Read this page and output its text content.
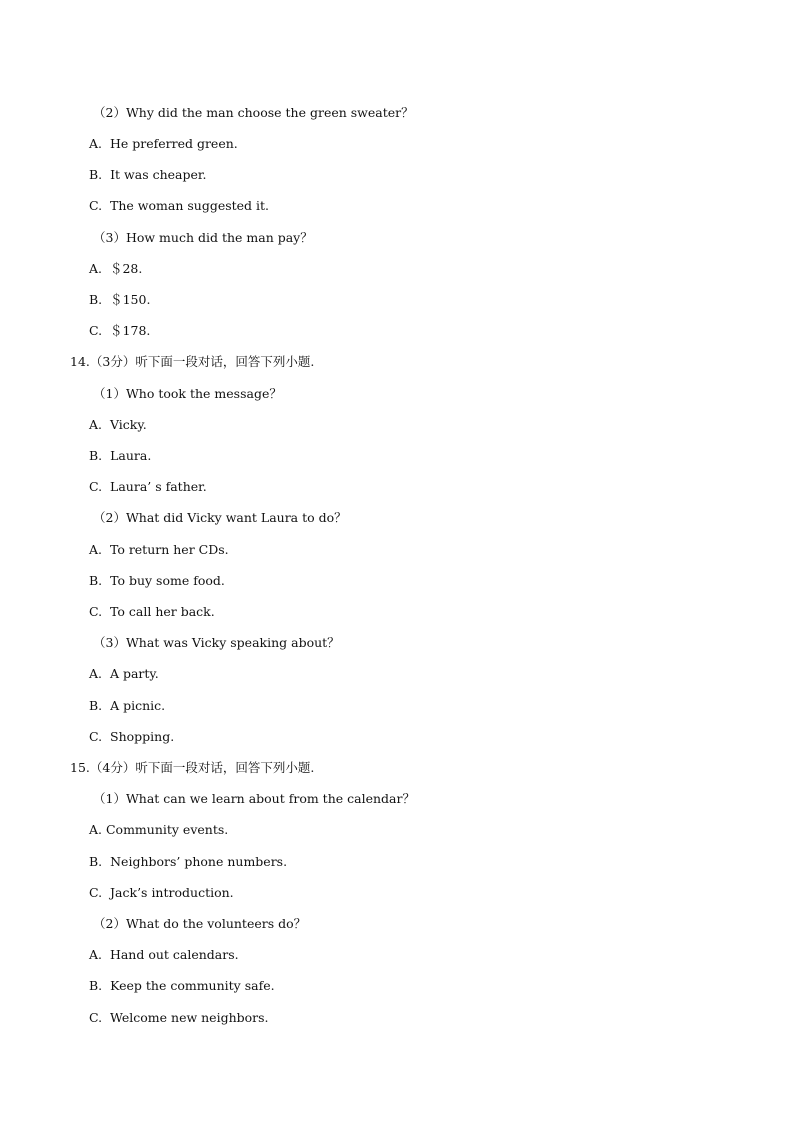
（2）Why did the man choose the green sweater？
A.  He preferred green.
B.  It was cheaper.
C.  The woman suggested it.
（3）How much did the man pay？
A.  ＄28.
B.  ＄150.
C.  ＄178.
14.（3分）听下面一段对话，回答下列小题.
（1）Who took the message？
A.  Vicky.
B.  Laura.
C.  Laura’ s father.
（2）What did Vicky want Laura to do？
A.  To return her CDs.
B.  To buy some food.
C.  To call her back.
（3）What was Vicky speaking about？
A.  A party.
B.  A picnic.
C.  Shopping.
15.（4分）听下面一段对话，回答下列小题.
（1）What can we learn about from the calendar？
A. Community events.
B.  Neighbors’ phone numbers.
C.  Jack’s introduction.
（2）What do the volunteers do？
A.  Hand out calendars.
B.  Keep the community safe.
C.  Welcome new neighbors.
